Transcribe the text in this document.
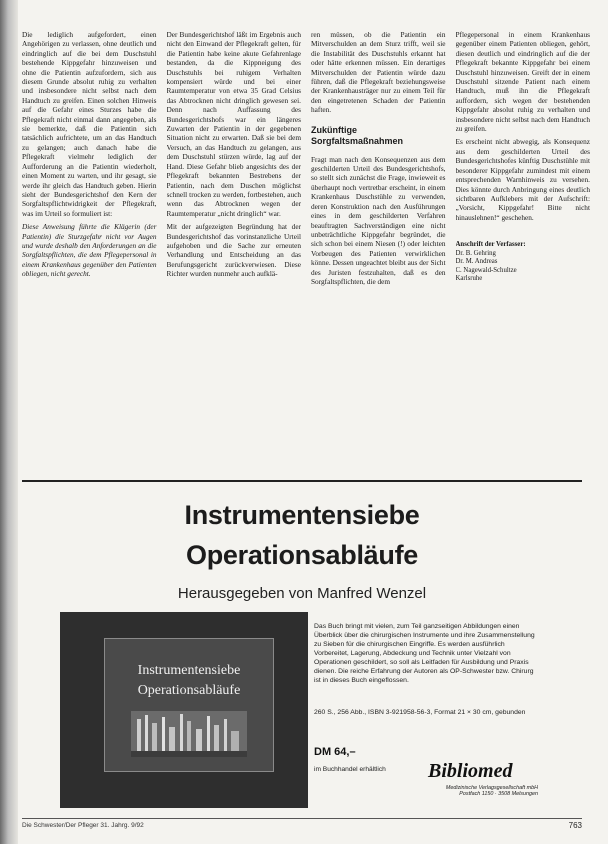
Die lediglich aufgefordert, einen Angehörigen zu verlassen, ohne deutlich und eindringlich auf die bei dem Duschstuhl bestehende Kippgefahr hinzuweisen und ohne die Patientin aufzufordern, sich aus diesem Grunde absolut ruhig zu verhalten und insbesondere nicht selbst nach dem Handtuch zu greifen. Einen solchen Hinweis auf die Gefahr eines Sturzes habe die Pflegekraft nicht einmal dann angegeben, als sie bemerkte, daß die Patientin sich tatsächlich aufrichtete, um an das Handtuch zu gelangen; auch danach habe die Pflegekraft vielmehr lediglich der Aufforderung an die Patientin wiederholt, einen Moment zu warten, und ihr gesagt, sie werde ihr gleich das Handtuch geben. Hierin sieht der Bundesgerichtshof den Kern der Sorgfaltspflichtwidrigkeit der Pflegekraft, was im Urteil so formuliert ist:

Diese Anweisung führte die Klägerin (der Patientin) die Sturzgefahr nicht vor Augen und wurde deshalb den Anforderungen an die Sorgfaltspflichten, die dem Pflegepersonal in einem Krankenhaus gegenüber den Patienten obliegen, nicht gerecht.

Der Bundesgerichtshof läßt im Ergebnis auch nicht den Einwand der Pflegekraft gelten, für die Patientin habe keine akute Gefahrenlage bestanden, da die Kippneigung des Duschstuhls bei ruhigem Verhalten kompensiert würde und bei einer Raumtemperatur von etwa 35 Grad Celsius das Abtrocknen nicht dringlich gewesen sei. Denn nach Auffassung des Bundesgerichtshofs war ein längeres Zuwarten der Patientin in der gegebenen Situation nicht zu erwarten. Daß sie bei dem Versuch, an das Handtuch zu gelangen, aus dem Duschstuhl stürzen würde, lag auf der Hand. Diese Gefahr blieb angesichts des der Pflegekraft bekannten Bestrebens der Patientin, nach dem Duschen möglichst schnell trocken zu werden, fortbestehen, auch wenn das Abtrocknen wegen der Raumtemperatur „nicht dringlich“ war.

Mit der aufgezeigten Begründung hat der Bundesgerichtshof das vorinstanzliche Urteil aufgehoben und die Sache zur erneuten Verhandlung und Entscheidung an das Berufungsgericht zurückverwiesen. Diese Richter wurden nunmehr auch aufklä-

ren müssen, ob die Patientin ein Mitverschulden an dem Sturz trifft, weil sie die Instabilität des Duschstuhls erkannt hat oder hätte erkennen müssen. Ein derartiges Mitverschulden der Patientin würde dazu führen, daß die Pflegekraft beziehungsweise der Krankenhausträger nur zu einem Teil für den eingetretenen Schaden der Patientin haften.

Zukünftige Sorgfaltsmaßnahmen

Fragt man nach den Konsequenzen aus dem geschilderten Urteil des Bundesgerichtshofs, so stellt sich zunächst die Frage, inwieweit es überhaupt noch vertretbar erscheint, in einem Krankenhaus Duschstühle zu verwenden, deren Konstruktion nach den Ausführungen eines in dem geschilderten Verfahren beauftragten Sachverständigen eine nicht unbeträchtliche Kippgefahr begründet, die sich schon bei einem Niesen (!) oder leichten Vorbeugen des Patienten verwirklichen könne. Dessen ungeachtet bleibt aus der Sicht des Juristen festzuhalten, daß es den Sorgfaltspflichten, die dem

Pflegepersonal in einem Krankenhaus gegenüber einem Patienten obliegen, gehört, diesen deutlich und eindringlich auf die der Pflegekraft bekannte Kippgefahr bei einem Duschstuhl hinzuweisen. Greift der in einem Duschstuhl sitzende Patient nach einem Handtuch, muß ihn die Pflegekraft auffordern, sich wegen der bestehenden Kippgefahr absolut ruhig zu verhalten und insbesondere nicht selbst nach dem Handtuch zu greifen.

Es erscheint nicht abwegig, als Konsequenz aus dem geschilderten Urteil des Bundesgerichtshofes künftig Duschstühle mit besonderer Kippgefahr zumindest mit einem entsprechenden Warnhinweis zu versehen. Dies könnte durch Anbringung eines deutlich sichtbaren Aufklebers mit der Aufschrift: „Vorsicht, Kippgefahr! Bitte nicht hinauslehnen!“ geschehen.

Anschrift der Verfasser:
Dr. B. Gehring
Dr. M. Andreas
C. Nagewald-Schultze
Karlsruhe
Instrumentensiebe
Operationsabläufe
Herausgegeben von Manfred Wenzel
Instrumentensiebe
Operationsabläufe
Das Buch bringt mit vielen, zum Teil ganzseitigen Abbildungen einen Überblick über die chirurgischen Instrumente und ihre Zusammenstellung zu Sieben für die chirurgischen Eingriffe. Es werden ausführlich Vorbereitet, Lagerung, Abdeckung und Technik unter Vielzahl von Operationen geschildert, so soll als Leitfaden für Ausbildung und Praxis dienen. Die reiche Erfahrung der Autoren als OP-Schwester bzw. Chirurg ist in dieses Buch eingeflossen.
260 S., 256 Abb., ISBN 3-921958-56-3, Format 21 × 30 cm, gebunden
DM 64,–
im Buchhandel erhältlich	Bibliomed
Medizinische Verlagsgesellschaft mbH
Postfach 1150 · 3508 Melsungen
Die Schwester/Der Pfleger 31. Jahrg. 9/92	763
